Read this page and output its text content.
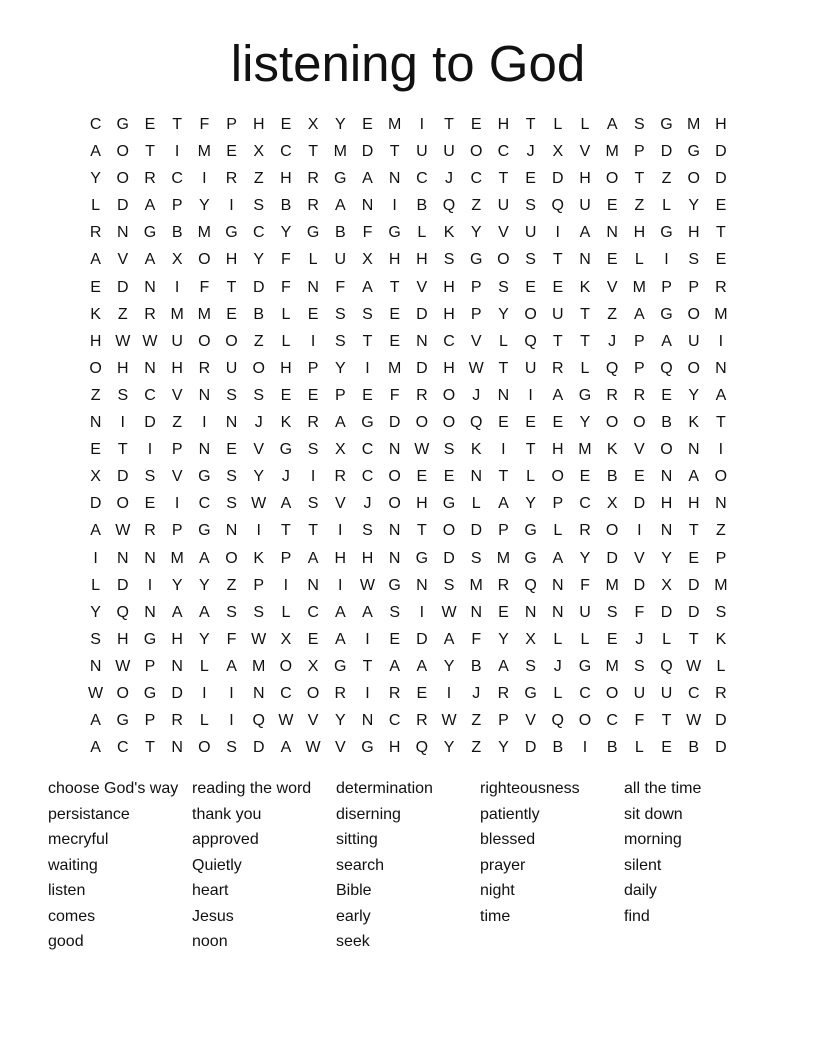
listening to God
C G E	T	F	P	H	E	X	Y	E M	I	T	E	H	T	L	L	A	S G M H
A O	T	I	M E	X	C	T M D	T	U U O C	J	X	V M P	D G D
Y O R C	I	R	Z	H R G A	N C	J	C	T	E	D H O	T	Z	O D
L	D	A	P	Y	I	S	B	R	A	N	I	B Q	Z	U	S Q U	E	Z	L	Y	E
R N G B M G C	Y G B	F	G	L	K	Y	V	U	I	A	N H G H	T
A	V	A	X O H	Y	F	L	U	X	H H	S G O S	T	N	E	L	I	S	E
E	D N	I	F	T	D	F	N	F	A	T	V	H	P	S	E	E	K	V M P	P	R
K	Z	R M M E	B	L	E	S	S	E	D H	P	Y O U	T	Z	A G O M
H W W U O O	Z	L	I	S	T	E	N C	V	L	Q	T	T	J	P	A	U	I
O H N H R U O H	P	Y	I	M D H W T	U R	L	Q P Q O N
Z	S	C	V	N	S	S	E	E	P	E	F	R O	J	N	I	A G R R	E	Y	A
N	I	D	Z	I	N	J	K	R	A G D O O Q E	E	E	Y O O B	K	T
E	T	I	P	N	E	V G S	X	C N W S	K	I	T	H M K	V O N	I
X	D	S	V G S	Y	J	I	R C O E	E	N	T	L	O E	B	E	N	A O
D O E	I	C	S W A	S	V	J	O H G	L	A	Y	P	C	X	D H H N
A W R	P G N	I	T	T	I	S	N	T	O D	P G	L	R O	I	N	T	Z
I	N N M A O K	P	A	H H N G D	S M G A	Y	D	V	Y	E	P
L	D	I	Y	Y	Z	P	I	N	I	W G N	S M R Q N	F M D	X	D M
Y Q N	A	A	S	S	L	C	A	A	S	I	W N	E	N N U	S	F	D D	S
S	H G H	Y	F W X	E	A	I	E	D	A	F	Y	X	L	L	E	J	L	T	K
N W P	N	L	A M O X G	T	A	A	Y	B	A	S	J	G M S Q W L
W O G D	I	I	N C O R	I	R	E	I	J	R G	L	C O U U C R
A G P	R	L	I	Q W V	Y	N C R W Z	P	V Q O C	F	T W D
A	C	T	N O S	D	A W V G H Q Y	Z	Y	D	B	I	B	L	E	B	D
choose God's way
persistance
mecryful
waiting
listen
comes
good
reading the word
thank you
approved
Quietly
heart
Jesus
noon
determination
diserning
sitting
search
Bible
early
seek
righteousness
patiently
blessed
prayer
night
time
all the time
sit down
morning
silent
daily
find
